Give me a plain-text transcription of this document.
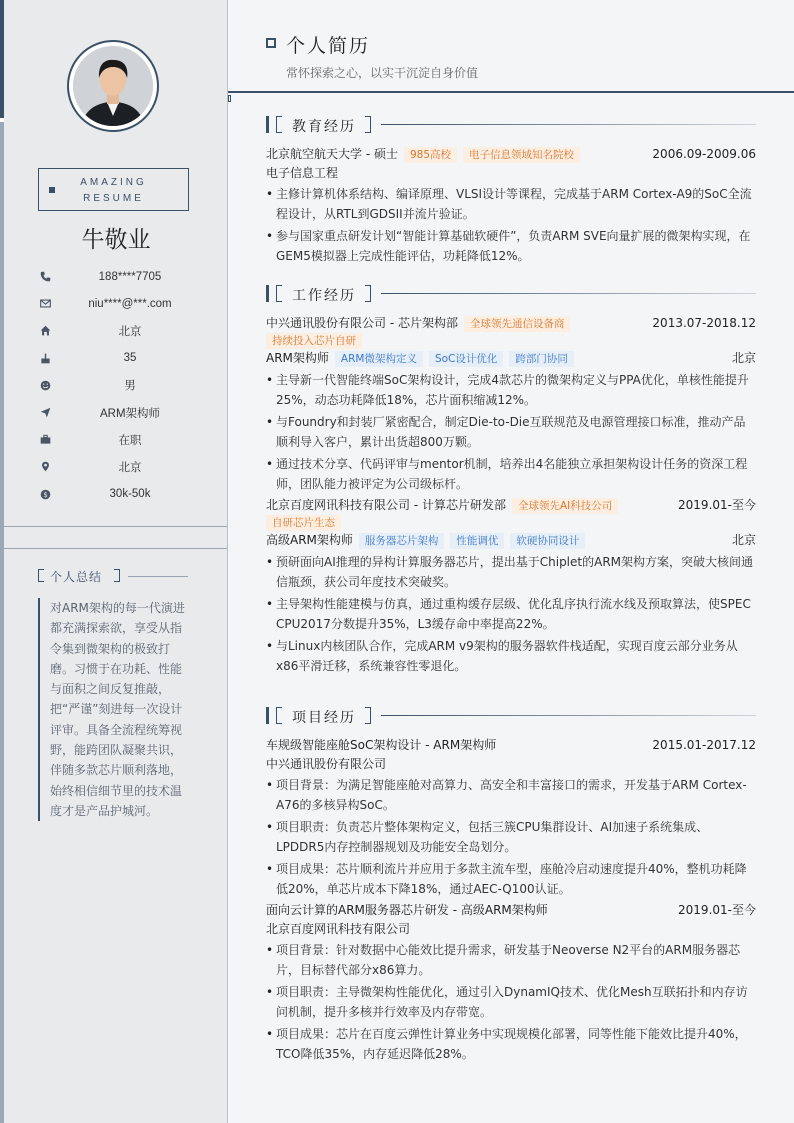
AMAZING
RESUME
牛敬业
188****7705
niu****@***.com
北京
35
男
ARM架构师
在职
北京
$	30k-50k
个人总结
对ARM架构的每一代演进都充满探索欲，享受从指令集到微架构的极致打磨。习惯于在功耗、性能与面积之间反复推敲，把“严谨”刻进每一次设计评审。具备全流程统筹视野，能跨团队凝聚共识，伴随多款芯片顺利落地，始终相信细节里的技术温度才是产品护城河。
个人简历
常怀探索之心，以实干沉淀自身价值
教育经历
北京航空航天大学 - 硕士	985高校	电子信息领域知名院校	2006.09-2009.06
电子信息工程
• 主修计算机体系结构、编译原理、VLSI设计等课程，完成基于ARM Cortex-A9的SoC全流程设计，从RTL到GDSII并流片验证。
• 参与国家重点研发计划“智能计算基础软硬件”，负责ARM SVE向量扩展的微架构实现，在GEM5模拟器上完成性能评估，功耗降低12%。
工作经历
中兴通讯股份有限公司 - 芯片架构部	全球领先通信设备商	2013.07-2018.12
持续投入芯片自研
ARM架构师	ARM微架构定义	SoC设计优化	跨部门协同	北京
• 主导新一代智能终端SoC架构设计，完成4款芯片的微架构定义与PPA优化，单核性能提升25%，动态功耗降低18%，芯片面积缩减12%。
• 与Foundry和封装厂紧密配合，制定Die-to-Die互联规范及电源管理接口标准，推动产品顺利导入客户，累计出货超800万颗。
• 通过技术分享、代码评审与mentor机制，培养出4名能独立承担架构设计任务的资深工程师，团队能力被评定为公司级标杆。
北京百度网讯科技有限公司 - 计算芯片研发部	全球领先AI科技公司	2019.01-至今
自研芯片生态
高级ARM架构师	服务器芯片架构	性能调优	软硬协同设计	北京
• 预研面向AI推理的异构计算服务器芯片，提出基于Chiplet的ARM架构方案，突破大核间通信瓶颈，获公司年度技术突破奖。
• 主导架构性能建模与仿真，通过重构缓存层级、优化乱序执行流水线及预取算法，使SPEC CPU2017分数提升35%，L3缓存命中率提高22%。
• 与Linux内核团队合作，完成ARM v9架构的服务器软件栈适配，实现百度云部分业务从x86平滑迁移，系统兼容性零退化。
项目经历
车规级智能座舱SoC架构设计 - ARM架构师	2015.01-2017.12
中兴通讯股份有限公司
• 项目背景：为满足智能座舱对高算力、高安全和丰富接口的需求，开发基于ARM Cortex-A76的多核异构SoC。
• 项目职责：负责芯片整体架构定义，包括三簇CPU集群设计、AI加速子系统集成、LPDDR5内存控制器规划及功能安全岛划分。
• 项目成果：芯片顺利流片并应用于多款主流车型，座舱冷启动速度提升40%，整机功耗降低20%，单芯片成本下降18%，通过AEC-Q100认证。
面向云计算的ARM服务器芯片研发 - 高级ARM架构师	2019.01-至今
北京百度网讯科技有限公司
• 项目背景：针对数据中心能效比提升需求，研发基于Neoverse N2平台的ARM服务器芯片，目标替代部分x86算力。
• 项目职责：主导微架构性能优化，通过引入DynamIQ技术、优化Mesh互联拓扑和内存访问机制，提升多核并行效率及内存带宽。
• 项目成果：芯片在百度云弹性计算业务中实现规模化部署，同等性能下能效比提升40%，TCO降低35%，内存延迟降低28%。
